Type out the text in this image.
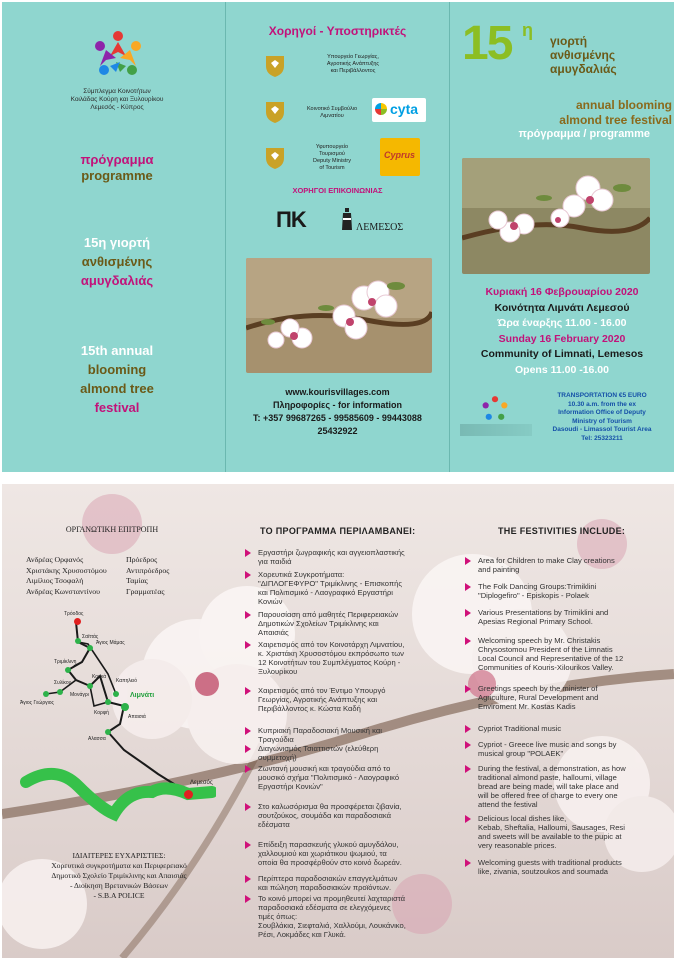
Σύμπλεγμα Κοινοτήτων
Κοιλάδας Κούρη και Ξυλουρίκου
Λεμεσός - Κύπρος
πρόγραμμα
programme
15η γιορτή
ανθισμένης
αμυγδαλιάς
15th annual
blooming
almond tree
festival
Χορηγοί - Υποστηρικτές
Υπουργείο Γεωργίας,
Αγροτικής Ανάπτυξης
και Περιβάλλοντος
Κοινοτικό Συμβούλιο
Λιμνατίου	cyta
Υφυπουργείο
Τουρισμού
Deputy Ministry
of Tourism
Cyprus
ΧΟΡΗΓΟΙ ΕΠΙΚΟΙΝΩΝΙΑΣ
ΠΚ	ΛΕΜΕΣΟΣ
www.kourisvillages.com
Πληροφορίες - for information
T: +357 99687265 - 99585609 - 99443088
25432922
15 η
γιορτή
ανθισμένης
αμυγδαλιάς
annual blooming
almond tree festival
πρόγραμμα / programme
Κυριακή 16 Φεβρουαρίου 2020
Κοινότητα Λιμνάτι Λεμεσού
Ώρα έναρξης 11.00 - 16.00
Sunday 16 February 2020
Community of Limnati, Lemesos
Opens 11.00 -16.00
TRANSPORTATION €5 EURO
10.30 a.m. from the ex
Information Office of Deputy
Ministry of Tourism
Dasoudi - Limassol Tourist Area
Tel: 25323211
ΟΡΓΑΝΩΤΙΚΗ ΕΠΙΤΡΟΠΗ
Ανδρέας Ορφανός
Χριστάκης Χρυσοστόμου
Λιμίλιος Τσοφαλή
Ανδρέας Κωνσταντίνου
Πρόεδρος
Αντιπρόεδρος
Ταμίας
Γραμματέας
Τρόοδος
Σαϊττάς
Άγιος Μάμας
Τριμίκλινη
Κουκά
Συλίκου
Λιμνάτι
Καπηλειό
Άγιος Γεώργιος
Μονάγρι
Κορφή
Απαισιά
Αλασσα
Λεμεσός
ΙΔΙΑΙΤΕΡΕΣ ΕΥΧΑΡΙΣΤΙΕΣ:
Χορευτικά συγκροτήματα και Περιφερειακό
Δημοτικό Σχολείο Τριμίκλινης και Απαισιάς
- Διοίκηση Βρετανικών Βάσεων
- S.B.A POLICE
ΤΟ ΠΡΟΓΡΑΜΜΑ ΠΕΡΙΛΑΜΒΑΝΕΙ:
Εργαστήρι ζωγραφικής και αγγειοπλαστικής
για παιδιά
Χορευτικά Συγκροτήματα:
"ΔΙΠΛΟΓΕΦΥΡΟ" Τριμίκλινης - Επισκοπής
και Πολιτισμικό - Λαογραφικό Εργαστήρι
Κονιών
Παρουσίαση από μαθητές Περιφερειακών
Δημοτικών Σχολείων Τριμίκλινης και
Απαισιάς
Χαιρετισμός από τον Κοινοτάρχη Λιμνατίου,
κ. Χριστάκη Χρυσοστόμου εκπρόσωπο των
12 Κοινοτήτων του Συμπλέγματος Κούρη -
Ξυλουρίκου
Χαιρετισμός από τον Έντιμο Υπουργό
Γεωργίας, Αγροτικής Ανάπτυξης και
Περιβάλλοντος κ. Κώστα Καδή
Κυπριακή Παραδοσιακή Μουσική και
Τραγούδια
Διαγωνισμός Τσιαττιστών (ελεύθερη
συμμετοχή)
Ζωντανή μουσική και τραγούδια από το
μουσικό σχήμα "Πολιτισμικό - Λαογραφικό
Εργαστήρι Κονιών"
Στο καλωσόρισμα θα προσφέρεται ζιβανία,
σουτζούκος, σουμάδα και παραδοσιακά
εδέσματα
Επίδειξη παρασκευής γλυκού αμυγδάλου,
χαλλουμιού και χωριάτικου ψωμιού, τα
οποία θα προσφέρθούν στο κοινό δωρεάν.
Περίπτερα παραδοσιακών επαγγελμάτων
και πώληση παραδοσιακών προϊόντων.
Το κοινό μπορεί να προμηθευτεί λαχταριστά
παραδοσιακά εδέσματα σε ελεγχόμενες
τιμές όπως:
Σουβλάκια, Σιεφταλιά, Χαλλούμι, Λουκάνικο,
Ρέσι, Λοκμάδες και Γλυκά.
THE FESTIVITIES INCLUDE:
Area for Children to make Clay creations
and painting
The Folk Dancing Groups:Trimiklini
"Diplogefiro" - Episkopis - Polaek
Various Presentations by Trimiklini and
Apesias Regional Primary School.
Welcoming speech by Mr. Christakis
Chrysostomou President of the Limnatis
Local Council and Representative of the 12
Communities of Kouris-Xilourikos Valley.
Greetings speech by the minister of
Agriculture, Rural Development and
Enviroment Mr. Kostas Kadis
Cypriot Traditional music
Cypriot - Greece live music and songs by
musical group "POLAEK"
During the festival, a demonstration, as how
traditional almond paste, halloumi, village
bread are being made, will take place and
will be offered free of charge to every one
attend the festival
Delicious local dishes like,
Kebab, Sheftalia, Halloumi, Sausages, Resi
and sweets will be available to the pupic at
very reasonable prices.
Welcoming guests with traditional products
like, zivania, soutzoukos and soumada
